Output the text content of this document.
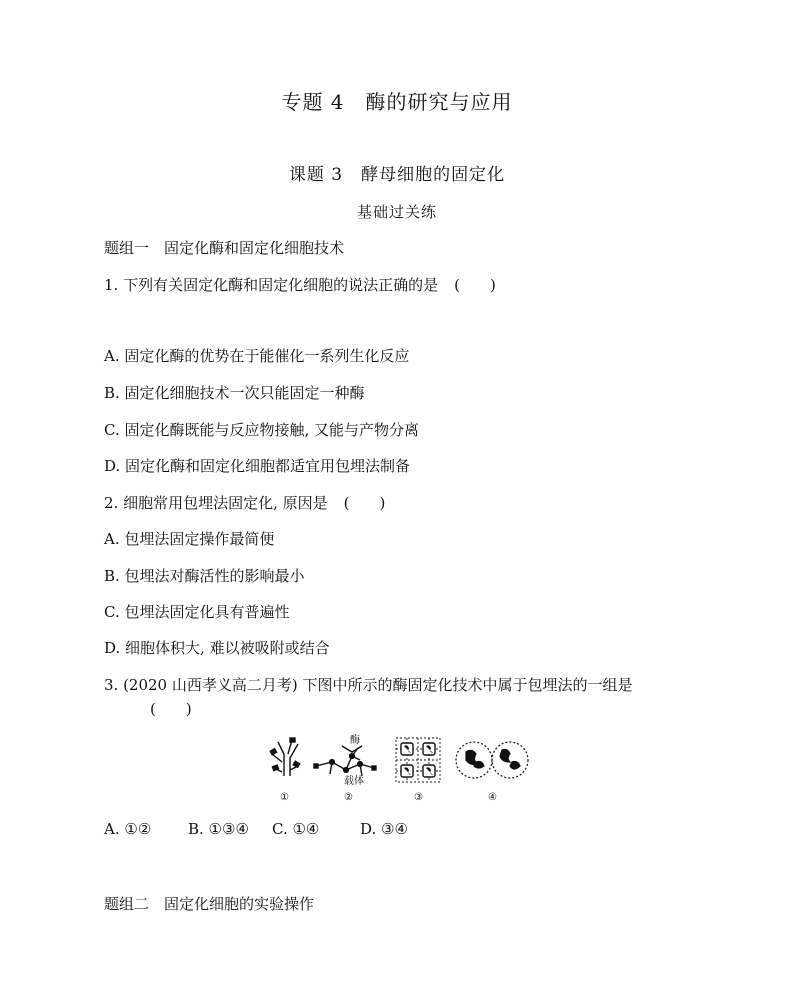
专题 4　酶的研究与应用
课题 3　酵母细胞的固定化
基础过关练
题组一　固定化酶和固定化细胞技术
1. 下列有关固定化酶和固定化细胞的说法正确的是 (　　)
A. 固定化酶的优势在于能催化一系列生化反应
B. 固定化细胞技术一次只能固定一种酶
C. 固定化酶既能与反应物接触, 又能与产物分离
D. 固定化酶和固定化细胞都适宜用包埋法制备
2. 细胞常用包埋法固定化, 原因是 (　　)
A. 包埋法固定操作最简便
B. 包埋法对酶活性的影响最小
C. 包埋法固定化具有普遍性
D. 细胞体积大, 难以被吸附或结合
3. (2020 山西孝义高二月考) 下图中所示的酶固定化技术中属于包埋法的一组是
(　　)
酶
载体
①	②	③	④
A. ①② B. ①③④ C. ①④	D. ③④
题组二　固定化细胞的实验操作
